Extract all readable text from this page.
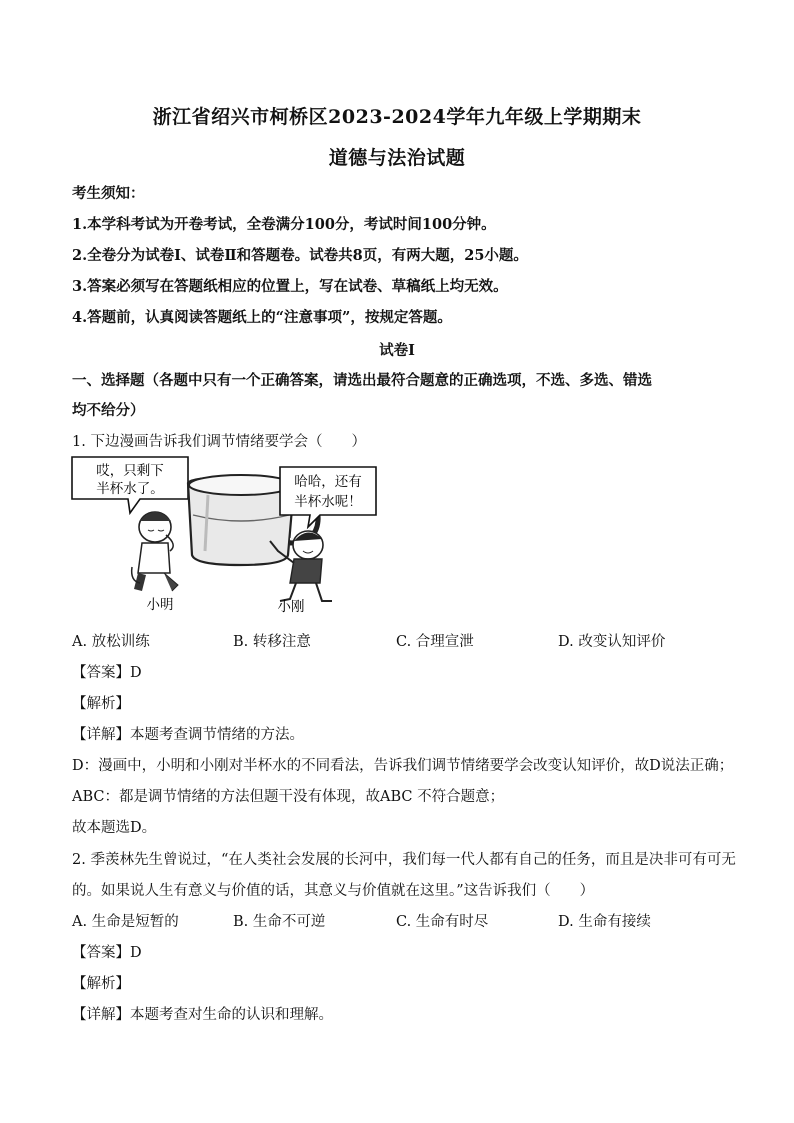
浙江省绍兴市柯桥区2023-2024学年九年级上学期期末
道德与法治试题
考生须知：
1.本学科考试为开卷考试，全卷满分100分，考试时间100分钟。
2.全卷分为试卷Ⅰ、试卷Ⅱ和答题卷。试卷共8页，有两大题，25小题。
3.答案必须写在答题纸相应的位置上，写在试卷、草稿纸上均无效。
4.答题前，认真阅读答题纸上的“注意事项”，按规定答题。
试卷Ⅰ
一、选择题（各题中只有一个正确答案，请选出最符合题意的正确选项，不选、多选、错选
均不给分）
1. 下边漫画告诉我们调节情绪要学会（　　）
哎，只剩下
半杯水了。	哈哈，还有
半杯水呢！
小明	小刚
A. 放松训练	B. 转移注意	C. 合理宣泄	D. 改变认知评价
【答案】D
【解析】
【详解】本题考查调节情绪的方法。
D：漫画中，小明和小刚对半杯水的不同看法，告诉我们调节情绪要学会改变认知评价，故D说法正确；
ABC：都是调节情绪的方法但题干没有体现，故ABC 不符合题意；
故本题选D。
2. 季羡林先生曾说过，“在人类社会发展的长河中，我们每一代人都有自己的任务，而且是决非可有可无
的。如果说人生有意义与价值的话，其意义与价值就在这里。”这告诉我们（　　）
A. 生命是短暂的	B. 生命不可逆	C. 生命有时尽	D. 生命有接续
【答案】D
【解析】
【详解】本题考查对生命的认识和理解。
